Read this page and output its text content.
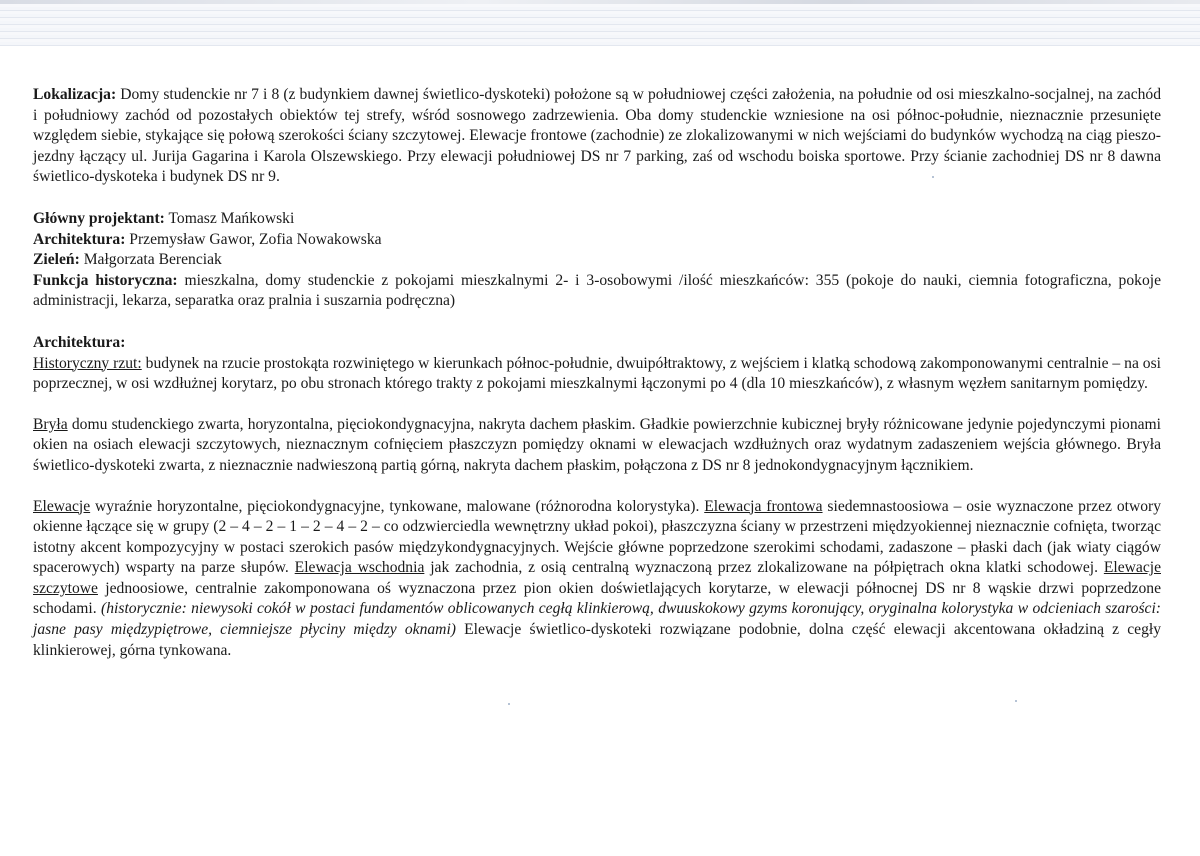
Lokalizacja: Domy studenckie nr 7 i 8 (z budynkiem dawnej świetlico-dyskoteki) położone są w południowej części założenia, na południe od osi mieszkalno-socjalnej, na zachód i południowy zachód od pozostałych obiektów tej strefy, wśród sosnowego zadrzewienia. Oba domy studenckie wzniesione na osi północ-południe, nieznacznie przesunięte względem siebie, stykające się połową szerokości ściany szczytowej. Elewacje frontowe (zachodnie) ze zlokalizowanymi w nich wejściami do budynków wychodzą na ciąg pieszo-jezdny łączący ul. Jurija Gagarina i Karola Olszewskiego. Przy elewacji południowej DS nr 7 parking, zaś od wschodu boiska sportowe. Przy ścianie zachodniej DS nr 8 dawna świetlico-dyskoteka i budynek DS nr 9.

Główny projektant: Tomasz Mańkowski

Architektura: Przemysław Gawor, Zofia Nowakowska

Zieleń: Małgorzata Berenciak

Funkcja historyczna: mieszkalna, domy studenckie z pokojami mieszkalnymi 2- i 3-osobowymi /ilość mieszkańców: 355 (pokoje do nauki, ciemnia fotograficzna, pokoje administracji, lekarza, separatka oraz pralnia i suszarnia podręczna)

Architektura:

Historyczny rzut: budynek na rzucie prostokąta rozwiniętego w kierunkach północ-południe, dwuipółtraktowy, z wejściem i klatką schodową zakomponowanymi centralnie – na osi poprzecznej, w osi wzdłużnej korytarz, po obu stronach którego trakty z pokojami mieszkalnymi łączonymi po 4 (dla 10 mieszkańców), z własnym węzłem sanitarnym pomiędzy.

Bryła domu studenckiego zwarta, horyzontalna, pięciokondygnacyjna, nakryta dachem płaskim. Gładkie powierzchnie kubicznej bryły różnicowane jedynie pojedynczymi pionami okien na osiach elewacji szczytowych, nieznacznym cofnięciem płaszczyzn pomiędzy oknami w elewacjach wzdłużnych oraz wydatnym zadaszeniem wejścia głównego. Bryła świetlico-dyskoteki zwarta, z nieznacznie nadwieszoną partią górną, nakryta dachem płaskim, połączona z DS nr 8 jednokondygnacyjnym łącznikiem.

Elewacje wyraźnie horyzontalne, pięciokondygnacyjne, tynkowane, malowane (różnorodna kolorystyka). Elewacja frontowa siedemnastoosiowa – osie wyznaczone przez otwory okienne łączące się w grupy (2 – 4 – 2 – 1 – 2 – 4 – 2 – co odzwierciedla wewnętrzny układ pokoi), płaszczyzna ściany w przestrzeni międzyokiennej nieznacznie cofnięta, tworząc istotny akcent kompozycyjny w postaci szerokich pasów międzykondygnacyjnych. Wejście główne poprzedzone szerokimi schodami, zadaszone – płaski dach (jak wiaty ciągów spacerowych) wsparty na parze słupów. Elewacja wschodnia jak zachodnia, z osią centralną wyznaczoną przez zlokalizowane na półpiętrach okna klatki schodowej. Elewacje szczytowe jednoosiowe, centralnie zakomponowana oś wyznaczona przez pion okien doświetlających korytarze, w elewacji północnej DS nr 8 wąskie drzwi poprzedzone schodami. (historycznie: niewysoki cokół w postaci fundamentów oblicowanych cegłą klinkierową, dwuuskokowy gzyms koronujący, oryginalna kolorystyka w odcieniach szarości: jasne pasy międzypiętrowe, ciemniejsze płyciny między oknami) Elewacje świetlico-dyskoteki rozwiązane podobnie, dolna część elewacji akcentowana okładziną z cegły klinkierowej, górna tynkowana.
